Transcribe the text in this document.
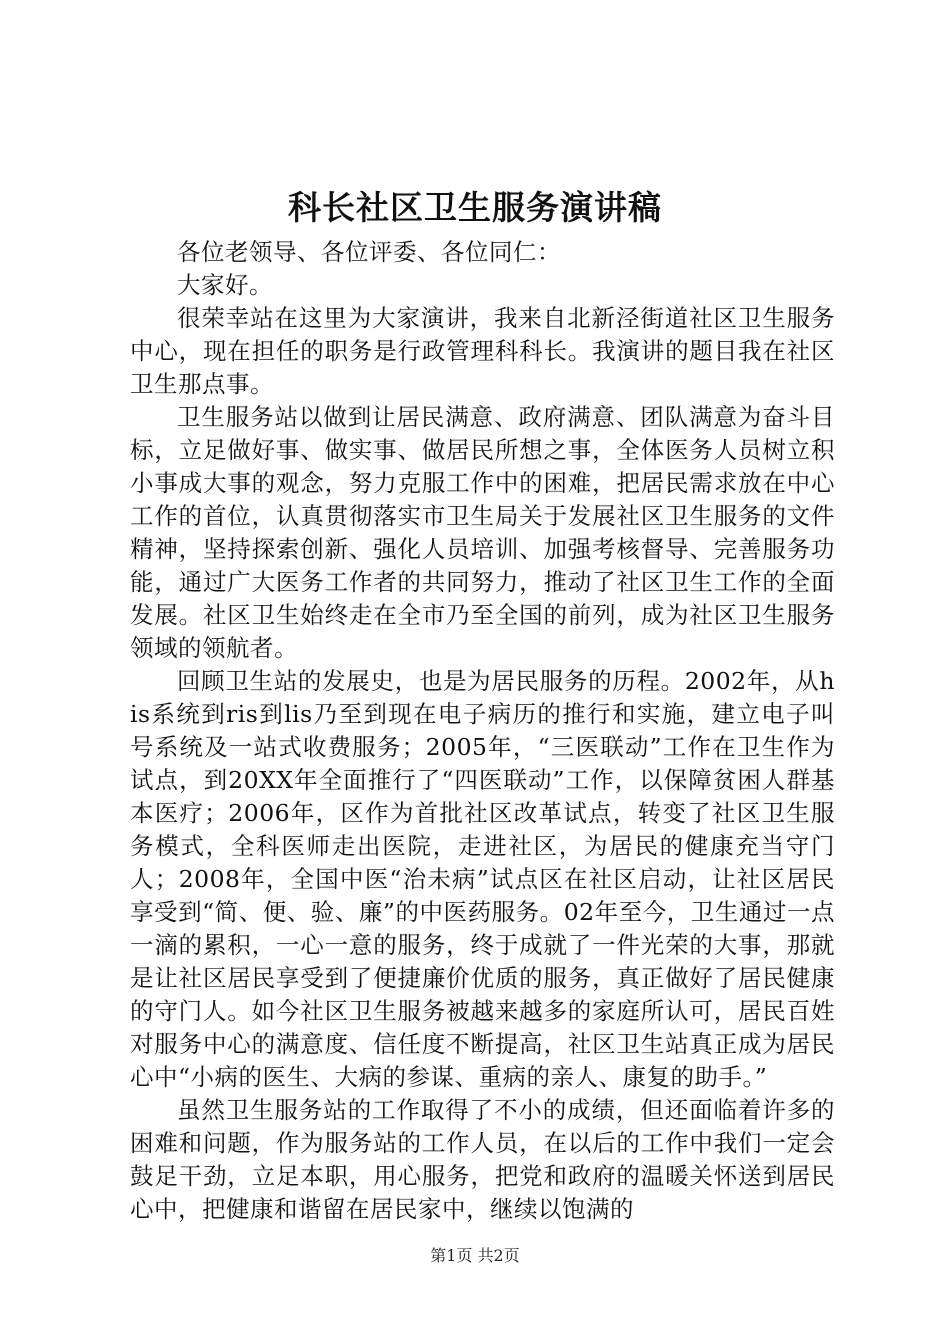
科长社区卫生服务演讲稿

各位老领导、各位评委、各位同仁：

大家好。

很荣幸站在这里为大家演讲，我来自北新泾街道社区卫生服务中心，现在担任的职务是行政管理科科长。我演讲的题目我在社区卫生那点事。

卫生服务站以做到让居民满意、政府满意、团队满意为奋斗目标，立足做好事、做实事、做居民所想之事，全体医务人员树立积小事成大事的观念，努力克服工作中的困难，把居民需求放在中心工作的首位，认真贯彻落实市卫生局关于发展社区卫生服务的文件精神，坚持探索创新、强化人员培训、加强考核督导、完善服务功能，通过广大医务工作者的共同努力，推动了社区卫生工作的全面发展。社区卫生始终走在全市乃至全国的前列，成为社区卫生服务领域的领航者。

回顾卫生站的发展史，也是为居民服务的历程。2002年，从his系统到ris到lis乃至到现在电子病历的推行和实施，建立电子叫号系统及一站式收费服务；2005年，“三医联动”工作在卫生作为试点，到20XX年全面推行了“四医联动”工作，以保障贫困人群基本医疗；2006年，区作为首批社区改革试点，转变了社区卫生服务模式，全科医师走出医院，走进社区，为居民的健康充当守门人；2008年，全国中医“治未病”试点区在社区启动，让社区居民享受到“简、便、验、廉”的中医药服务。02年至今，卫生通过一点一滴的累积，一心一意的服务，终于成就了一件光荣的大事，那就是让社区居民享受到了便捷廉价优质的服务，真正做好了居民健康的守门人。如今社区卫生服务被越来越多的家庭所认可，居民百姓对服务中心的满意度、信任度不断提高，社区卫生站真正成为居民心中“小病的医生、大病的参谋、重病的亲人、康复的助手。”

虽然卫生服务站的工作取得了不小的成绩，但还面临着许多的困难和问题，作为服务站的工作人员，在以后的工作中我们一定会鼓足干劲，立足本职，用心服务，把党和政府的温暖关怀送到居民心中，把健康和谐留在居民家中，继续以饱满的

第1页 共2页
